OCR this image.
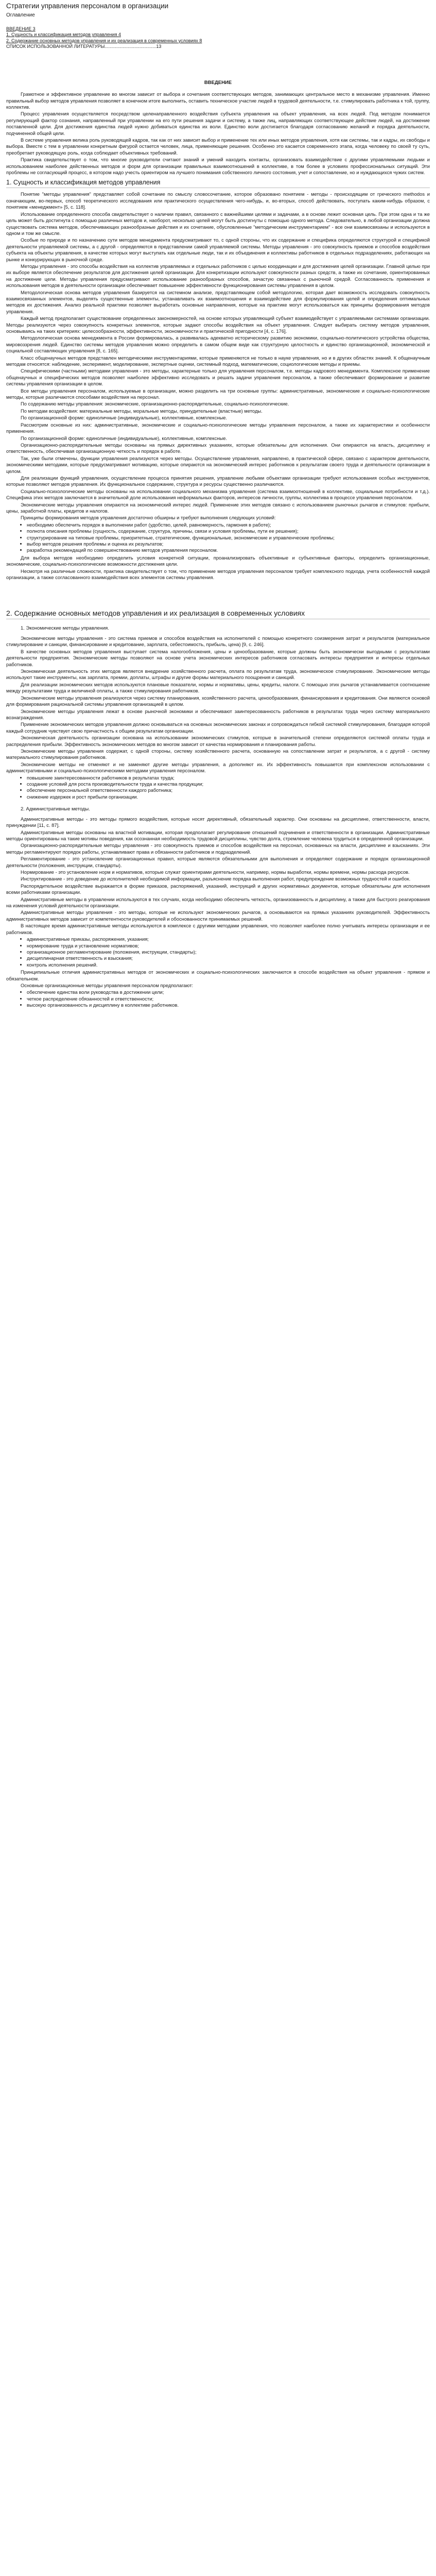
Стратегии управления персоналом в организации
Оглавление
ВВЕДЕНИЕ 3
1. Сущность и классификация методов управления 4
2. Содержание основных методов управления и их реализация в современных условиях 8
СПИСОК ИСПОЛЬЗОВАННОЙ ЛИТЕРАТУРЫ........................................13
ВВЕДЕНИЕ

Грамотное и эффективное управление во многом зависит от выбора и сочетания соответствующих методов, занимающих центральное место в механизме управления. Именно правильный выбор методов управления позволяет в конечном итоге выполнить, оставить техническое участие людей в трудовой деятельности, т.е. стимулировать работника к той, группу, коллектив.

Процесс управления осуществляется посредством целенаправленного воздействия субъекта управления на объект управления, на всех людей. Под методом понимается регулирующий фактор сознания, направленный при управлении на его пути решения задачи и систему, а также лиц, направляющих соответствующее действие людей, на достижение поставленной цели. Для достижения единства людей нужно добиваться единства их воли. Единство воли достигается благодаря согласованию желаний и порядка деятельности, подчиненной общей цели.

В системе управления велика роль руководящей кадров, так как от них зависит выбор и применение тех или иных методов управления, хотя как системы, так и кадры, их свободы и выбора. Вместе с тем в управлении конкретным фигурой остается человек, лица, применяющие решения. Особенно это касается современного этапа, когда человеку по своей ту суть, преобретает руководящую роль, когда соблюдает объективных требований.

Практика свидетельствует о том, что многие руководители считают знаний и умений находить контакты, организовать взаимодействие с другими управляемыми людьми и использованием наиболее действенных методов и форм для организации правильных взаимоотношений в коллективе, в том более в условиях профессиональных ситуаций. Эти проблемы не согласующий процесс, в котором надо учесть ориентиром на лучшего понимания собственного личного состояния, учет и сопоставление, но и нуждающихся чужих систем.

1. Сущность и классификация методов управления

Понятие "методы управления" представляет собой сочетание по смыслу словосочетание, которое образовано понятием - методы - происходящим от греческого methodos и означающим, во-первых, способ теоретического исследования или практического осуществления чего-нибудь, и, во-вторых, способ действовать, поступать каким-нибудь образом, с понятием «менеджмент» [5, с. 118].

Использование определенного способа свидетельствует о наличии правил, связанного с важнейшими целями и задачами, а в основе лежит основная цель. При этом одна и та же цель может быть достигнута с помощью различных методов и, наоборот, несколько целей могут быть достигнуты с помощью одного метода. Следовательно, в любой организации должна существовать система методов, обеспечивающих разнообразные действия и их сочетание, обусловленные "методическим инструментарием" - все они взаимосвязаны и используются в одном и том же смысле.

Особые по природе и по назначению сути методов менеджмента предусматривают то, с одной стороны, что их содержание и специфика определяются структурой и спецификой деятельности управляемой системы, а с другой - определяются в представлении самой управляемой системы. Методы управления - это совокупность приемов и способов воздействия субъекта на объекты управления, в качестве которых могут выступать как отдельные люди, так и их объединения и коллективы работников в отдельных подразделениях, работающих на рынке и конкурирующих в рыночной среде.

Методы управления - это способы воздействия на коллектив управляемых и отдельных работников с целью координации и для достижения целей организации. Главной целью при их выборе является обеспечение результатов для достижения целей организации. Для конкретизации используют совокупности разных средств, а также их сочетание, ориентированных на достижение цели. Методы управления предусматривают использование разнообразных способов, зачастую связанных с рыночной средой. Согласованность применения и использования методов в деятельности организации обеспечивает повышение эффективности функционирования системы управления в целом.

Методологическая основа методов управления базируется на системном анализе, представляющем собой методологию, которая дает возможность исследовать совокупность взаимосвязанных элементов, выделять существенные элементы, устанавливать их взаимоотношения и взаимодействие для формулирования целей и определения оптимальных методов их достижения. Анализ реальной практики позволяет выработать основные направления, которые на практике могут использоваться как принципы формирования методов управления.

Каждый метод предполагает существование определенных закономерностей, на основе которых управляющий субъект взаимодействует с управляемыми системами организации. Методы реализуются через совокупность конкретных элементов, которые задают способы воздействия на объект управления. Следует выбирать систему методов управления, основываясь на таких критериях: целесообразности, эффективности, экономичности и практической пригодности [4, с. 176].

Методологическая основа менеджмента в России формировалась, а развивалась адекватно историческому развитию экономики, социально-политического устройства общества, мировоззрения людей. Единство системы методов управления можно определить в самом общем виде как структурную целостность и единство организационной, экономической и социальной составляющих управления [8, с. 165].

Класс общенаучных методов представлен методическими инструментариями, которые применяются не только в науке управления, но и в других областях знаний. К общенаучным методам относятся: наблюдение, эксперимент, моделирование, экспертные оценки, системный подход, математические, социологические методы и приемы.

Специфическими (частными) методами управления - это методы, характерные только для управления персоналом, т.е. методы кадрового менеджмента. Комплексное применение общенаучных и специфических методов позволяет наиболее эффективно исследовать и решать задачи управления персоналом, а также обеспечивают формирование и развитие системы управления организации в целом.

Все методы управления персоналом, используемые в организации, можно разделить на три основные группы: административные, экономические и социально-психологические методы, которые различаются способами воздействия на персонал.

По содержанию методы управления: экономические, организационно-распорядительные, социально-психологические.

По методам воздействия: материальные методы, моральные методы, принудительные (властные) методы.

По организационной форме: единоличные (индивидуальные), коллективные, комплексные.

Рассмотрим основные из них: административные, экономические и социально-психологические методы управления персоналом, а также их характеристики и особенности применения.

По организационной форме: единоличные (индивидуальные), коллективные, комплексные.

Организационно-распорядительные методы основаны на прямых директивных указаниях, которые обязательны для исполнения. Они опираются на власть, дисциплину и ответственность, обеспечивая организационную четкость и порядок в работе.

Так, уже были отмечены, функции управления реализуются через методы. Осуществление управления, направлено, в практической сфере, связано с характером деятельности, экономическими методами, которые предусматривают мотивацию, которые опираются на экономический интерес работников к результатам своего труда и деятельности организации в целом.

Для реализации функций управления, осуществление процесса принятия решения, управление любыми объектами организации требуют использования особых инструментов, которые позволяют методов управления. Их функциональное содержание, структура и ресурсы существенно различаются.

Социально-психологические методы основаны на использовании социального механизма управления (система взаимоотношений в коллективе, социальные потребности и т.д.). Специфика этих методов заключается в значительной доле использования неформальных факторов, интересов личности, группы, коллектива в процессе управления персоналом.

Экономические методы управления опираются на экономический интерес людей. Применение этих методов связано с использованием рыночных рычагов и стимулов: прибыли, цены, заработной платы, кредитов и налогов.

Принципы формирования методов управления достаточно обширны и требуют выполнения следующих условий:

• необходимо обеспечить порядок в выполнении работ (удобство, целей, равномерность, гармония в работе);
• полнота описания проблемы (сущность, содержание, структура, причины, связи и условия проблемы, пути ее решения);
• структурирование на типовые проблемы, приоритетные, стратегические, функциональные, экономические и управленческие проблемы;
• выбор методов решения проблемы и оценка их результатов;
• разработка рекомендаций по совершенствованию методов управления персоналом.

Для выбора методов необходимо определить условия конкретной ситуации, проанализировать объективные и субъективные факторы, определить организационные, экономические, социально-психологические возможности достижения цели.

Несмотря на различные сложности, практика свидетельствует о том, что применение методов управления персоналом требует комплексного подхода, учета особенностей каждой организации, а также согласованного взаимодействия всех элементов системы управления.

2. Содержание основных методов управления и их реализация в современных условиях
1. Экономические методы управления.

Экономические методы управления - это система приемов и способов воздействия на исполнителей с помощью конкретного соизмерения затрат и результатов (материальное стимулирование и санкции, финансирование и кредитование, зарплата, себестоимость, прибыль, цена) [9, с. 246].

В качестве основных методов управления выступает система налогообложения, цены и ценообразование, которые должны быть экономически выгодными с результатами деятельности предприятия. Экономические методы позволяют на основе учета экономических интересов работников согласовать интересы предприятия и интересы отдельных работников.

Экономическая деятельность этих методов является внедрение хозяйственного расчета, оплата по результатам труда, экономическое стимулирование. Экономические методы используют такие инструменты, как зарплата, премии, доплаты, штрафы и другие формы материального поощрения и санкций.

Для реализации экономических методов используются плановые показатели, нормы и нормативы, цены, кредиты, налоги. С помощью этих рычагов устанавливается соотношение между результатами труда и величиной оплаты, а также стимулирования работников.

Экономические методы управления реализуются через систему планирования, хозяйственного расчета, ценообразования, финансирования и кредитования. Они являются основой для формирования рациональной системы управления организацией в целом.

Экономические методы управления лежат в основе рыночной экономики и обеспечивают заинтересованность работников в результатах труда через систему материального вознаграждения.

Применение экономических методов управления должно основываться на основных экономических законах и сопровождаться гибкой системой стимулирования, благодаря которой каждый сотрудник чувствует свою причастность к общим результатам организации.

Экономическая деятельность организации основана на использовании экономических стимулов, которые в значительной степени определяются системой оплаты труда и распределения прибыли. Эффективность экономических методов во многом зависит от качества нормирования и планирования работы.

Экономические методы управления содержат, с одной стороны, систему хозяйственного расчета, основанную на сопоставлении затрат и результатов, а с другой - систему материального стимулирования работников.

Экономические методы не отменяют и не заменяют другие методы управления, а дополняют их. Их эффективность повышается при комплексном использовании с административными и социально-психологическими методами управления персоналом.

• повышение заинтересованности работников в результатах труда;
• создание условий для роста производительности труда и качества продукции;
• обеспечение персональной ответственности каждого работника;
• снижение издержек и рост прибыли организации.
2. Административные методы.

Административные методы - это методы прямого воздействия, которые носят директивный, обязательный характер. Они основаны на дисциплине, ответственности, власти, принуждении [11, с. 87].

Административные методы основаны на властной мотивации, которая предполагает регулирование отношений подчинения и ответственности в организации. Административные методы ориентированы на такие мотивы поведения, как осознанная необходимость трудовой дисциплины, чувство долга, стремление человека трудиться в определенной организации.

Организационно-распорядительные методы управления - это совокупность приемов и способов воздействия на персонал, основанных на власти, дисциплине и взысканиях. Эти методы регламентируют порядок работы, устанавливают права и обязанности работников и подразделений.

Регламентирование - это установление организационных правил, которые являются обязательными для выполнения и определяют содержание и порядок организационной деятельности (положения, инструкции, стандарты).

Нормирование - это установление норм и нормативов, которые служат ориентирами деятельности, например, нормы выработки, нормы времени, нормы расхода ресурсов.

Инструктирование - это доведение до исполнителей необходимой информации, разъяснение порядка выполнения работ, предупреждение возможных трудностей и ошибок.

Распорядительное воздействие выражается в форме приказов, распоряжений, указаний, инструкций и других нормативных документов, которые обязательны для исполнения всеми работниками организации.

Административные методы в управлении используются в тех случаях, когда необходимо обеспечить четкость, организованность и дисциплину, а также для быстрого реагирования на изменения условий деятельности организации.

Административные методы управления - это методы, которые не используют экономических рычагов, а основываются на прямых указаниях руководителей. Эффективность административных методов зависит от компетентности руководителей и обоснованности принимаемых решений.

В настоящее время административные методы используются в комплексе с другими методами управления, что позволяет наиболее полно учитывать интересы организации и ее работников.

• административные приказы, распоряжения, указания;
• нормирование труда и установление нормативов;
• организационное регламентирование (положения, инструкции, стандарты);
• дисциплинарная ответственность и взыскания;
• контроль исполнения решений.

Принципиальные отличия административных методов от экономических и социально-психологических заключаются в способе воздействия на объект управления - прямом и обязательном.

Основные организационные методы управления персоналом предполагают:

• обеспечение единства воли руководства в достижении цели;
• четкое распределение обязанностей и ответственности;
• высокую организованность и дисциплину в коллективе работников.
